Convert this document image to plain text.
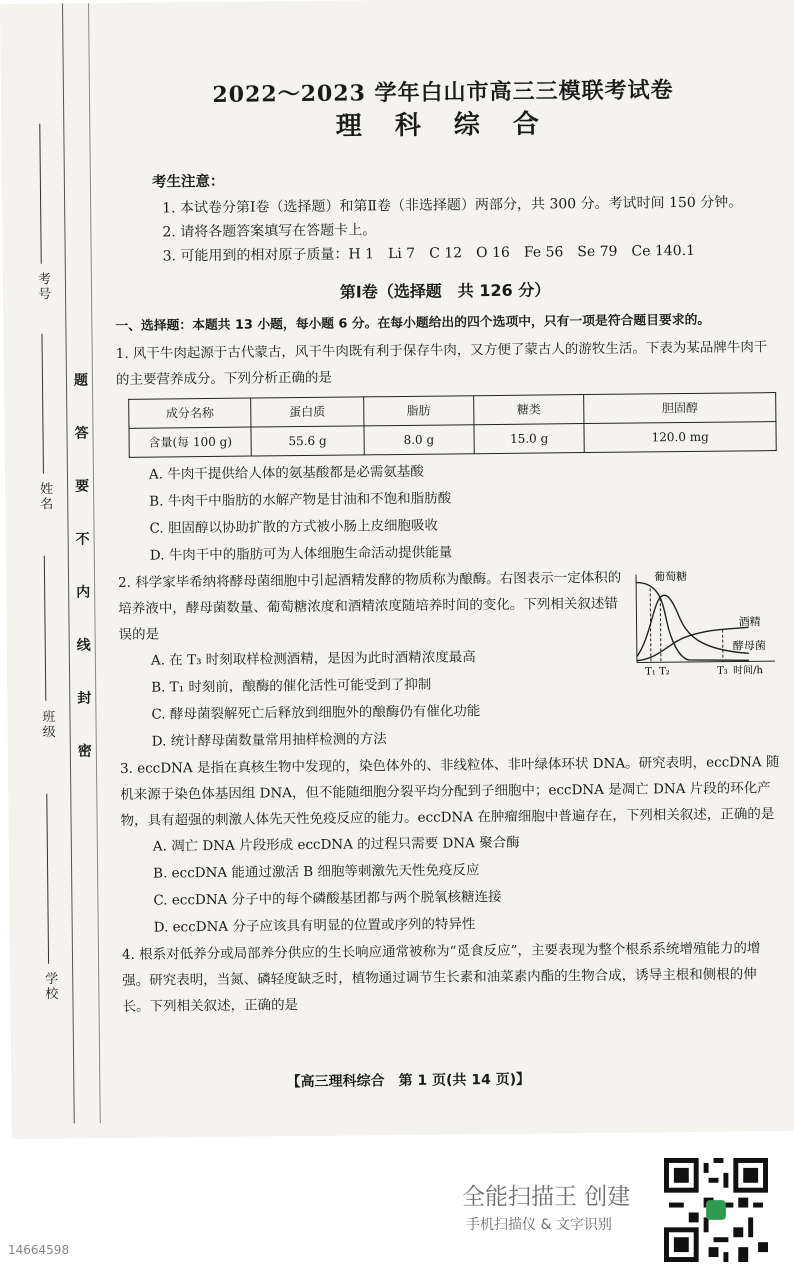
考号
姓名
班级
学校
题 答 要 不 内
线 封 密
2022～2023 学年白山市高三三模联考试卷
理 科 综 合
考生注意：
1. 本试卷分第Ⅰ卷（选择题）和第Ⅱ卷（非选择题）两部分，共 300 分。考试时间 150 分钟。
2. 请将各题答案填写在答题卡上。
3. 可能用到的相对原子质量：H 1　Li 7　C 12　O 16　Fe 56　Se 79　Ce 140.1
第Ⅰ卷（选择题　共 126 分）
一、选择题：本题共 13 小题，每小题 6 分。在每小题给出的四个选项中，只有一项是符合题目要求的。
1. 风干牛肉起源于古代蒙古，风干牛肉既有利于保存牛肉，又方便了蒙古人的游牧生活。下表为某品牌牛肉干的主要营养成分。下列分析正确的是
成分名称	蛋白质	脂肪	糖类	胆固醇
含量(每 100 g)	55.6 g	8.0 g	15.0 g	120.0 mg
A. 牛肉干提供给人体的氨基酸都是必需氨基酸
B. 牛肉干中脂肪的水解产物是甘油和不饱和脂肪酸
C. 胆固醇以协助扩散的方式被小肠上皮细胞吸收
D. 牛肉干中的脂肪可为人体细胞生命活动提供能量
2. 科学家毕希纳将酵母菌细胞中引起酒精发酵的物质称为酿酶。右图表示一定体积的培养液中，酵母菌数量、葡萄糖浓度和酒精浓度随培养时间的变化。下列相关叙述错误的是
A. 在 T₃ 时刻取样检测酒精，是因为此时酒精浓度最高
B. T₁ 时刻前，酿酶的催化活性可能受到了抑制
C. 酵母菌裂解死亡后释放到细胞外的酿酶仍有催化功能
D. 统计酵母菌数量常用抽样检测的方法
葡萄糖
酒精
酵母菌
T₁ T₂	T₃ 时间/h
3. eccDNA 是指在真核生物中发现的，染色体外的、非线粒体、非叶绿体环状 DNA。研究表明，eccDNA 随机来源于染色体基因组 DNA，但不能随细胞分裂平均分配到子细胞中；eccDNA 是凋亡 DNA 片段的环化产物，具有超强的刺激人体先天性免疫反应的能力。eccDNA 在肿瘤细胞中普遍存在，下列相关叙述，正确的是
A. 凋亡 DNA 片段形成 eccDNA 的过程只需要 DNA 聚合酶
B. eccDNA 能通过激活 B 细胞等刺激先天性免疫反应
C. eccDNA 分子中的每个磷酸基团都与两个脱氧核糖连接
D. eccDNA 分子应该具有明显的位置或序列的特异性
4. 根系对低养分或局部养分供应的生长响应通常被称为“觅食反应”，主要表现为整个根系系统增殖能力的增强。研究表明，当氮、磷轻度缺乏时，植物通过调节生长素和油菜素内酯的生物合成，诱导主根和侧根的伸长。下列相关叙述，正确的是
【高三理科综合　第 1 页(共 14 页)】
全能扫描王 创建
手机扫描仪 & 文字识别
14664598
